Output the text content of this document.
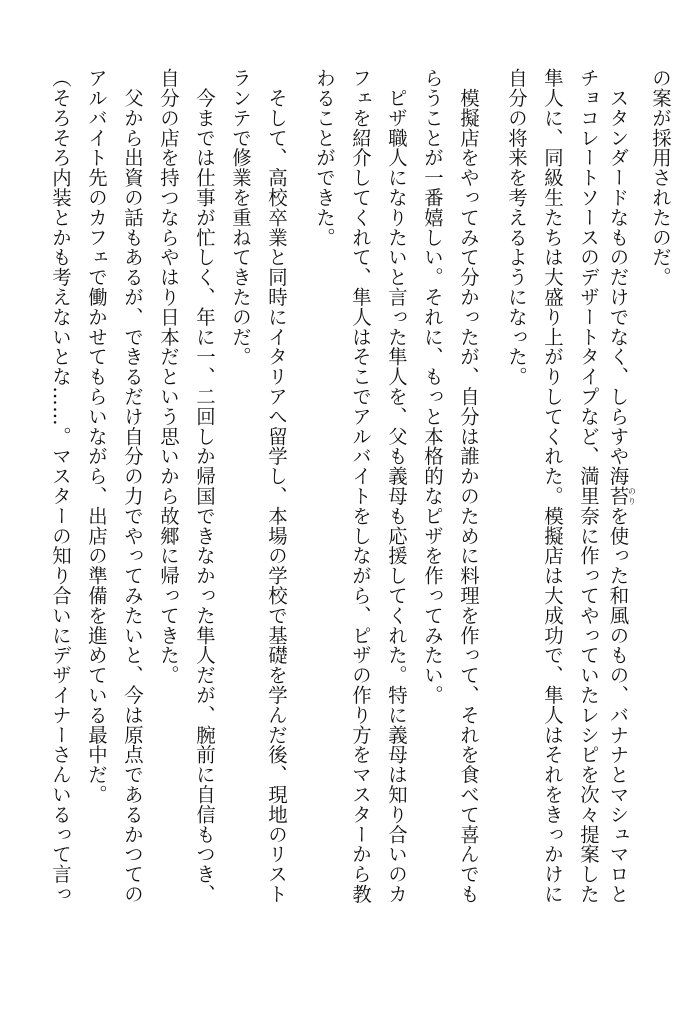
の案が採用されたのだ。
　スタンダードなものだけでなく、しらすや海苔のりを使った和風のもの、バナナとマシュマロと
チョコレートソースのデザートタイプなど、満里奈に作ってやっていたレシピを次々提案した
隼人に、同級生たちは大盛り上がりしてくれた。模擬店は大成功で、隼人はそれをきっかけに
自分の将来を考えるようになった。
　模擬店をやってみて分かったが、自分は誰かのために料理を作って、それを食べて喜んでも
らうことが一番嬉しい。それに、もっと本格的なピザを作ってみたい。
　ピザ職人になりたいと言った隼人を、父も義母も応援してくれた。特に義母は知り合いのカ
フェを紹介してくれて、隼人はそこでアルバイトをしながら、ピザの作り方をマスターから教
わることができた。
　そして、高校卒業と同時にイタリアへ留学し、本場の学校で基礎を学んだ後、現地のリスト
ランテで修業を重ねてきたのだ。
　今までは仕事が忙しく、年に一、二回しか帰国できなかった隼人だが、腕前に自信もつき、
自分の店を持つならやはり日本だという思いから故郷に帰ってきた。
　父から出資の話もあるが、できるだけ自分の力でやってみたいと、今は原点であるかつての
アルバイト先のカフェで働かせてもらいながら、出店の準備を進めている最中だ。
（そろそろ内装とかも考えないとな……。マスターの知り合いにデザイナーさんいるって言っ
